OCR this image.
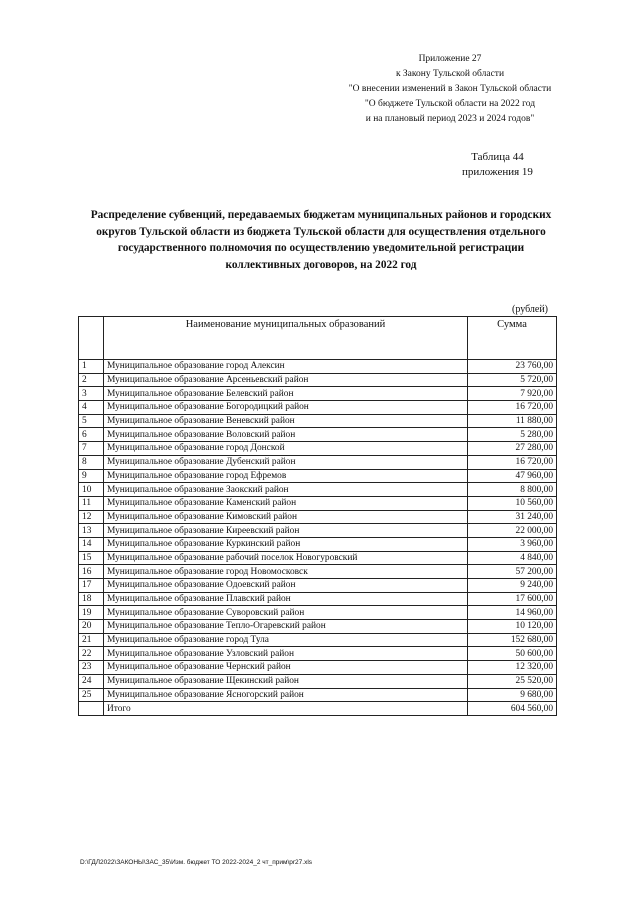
Приложение 27
к Закону Тульской области
"О внесении изменений в Закон Тульской области
"О бюджете Тульской области на 2022 год
и на плановый период 2023 и 2024 годов"
Таблица 44
приложения 19
Распределение субвенций, передаваемых бюджетам муниципальных районов и городских округов Тульской области из бюджета Тульской области для осуществления отдельного государственного полномочия по осуществлению уведомительной регистрации коллективных договоров, на 2022 год
(рублей)
	Наименование муниципальных образований	Сумма
1	Муниципальное образование город Алексин	23 760,00
2	Муниципальное образование Арсеньевский район	5 720,00
3	Муниципальное образование Белевский район	7 920,00
4	Муниципальное образование Богородицкий район	16 720,00
5	Муниципальное образование Веневский район	11 880,00
6	Муниципальное образование Воловский район	5 280,00
7	Муниципальное образование город Донской	27 280,00
8	Муниципальное образование Дубенский район	16 720,00
9	Муниципальное образование город Ефремов	47 960,00
10	Муниципальное образование Заокский район	8 800,00
11	Муниципальное образование Каменский район	10 560,00
12	Муниципальное образование Кимовский район	31 240,00
13	Муниципальное образование Киреевский район	22 000,00
14	Муниципальное образование Куркинский район	3 960,00
15	Муниципальное образование рабочий поселок Новогуровский	4 840,00
16	Муниципальное образование город Новомосковск	57 200,00
17	Муниципальное образование Одоевский район	9 240,00
18	Муниципальное образование Плавский район	17 600,00
19	Муниципальное образование Суворовский район	14 960,00
20	Муниципальное образование Тепло-Огаревский район	10 120,00
21	Муниципальное образование город Тула	152 680,00
22	Муниципальное образование Узловский район	50 600,00
23	Муниципальное образование Чернский район	12 320,00
24	Муниципальное образование Щекинский район	25 520,00
25	Муниципальное образование Ясногорский район	9 680,00
	Итого	604 560,00
D:\ГДЛ2022\ЗАКОНЫ\ЗАС_35\Изм. бюджет ТО 2022-2024_2 чт_прим\pr27.xls
